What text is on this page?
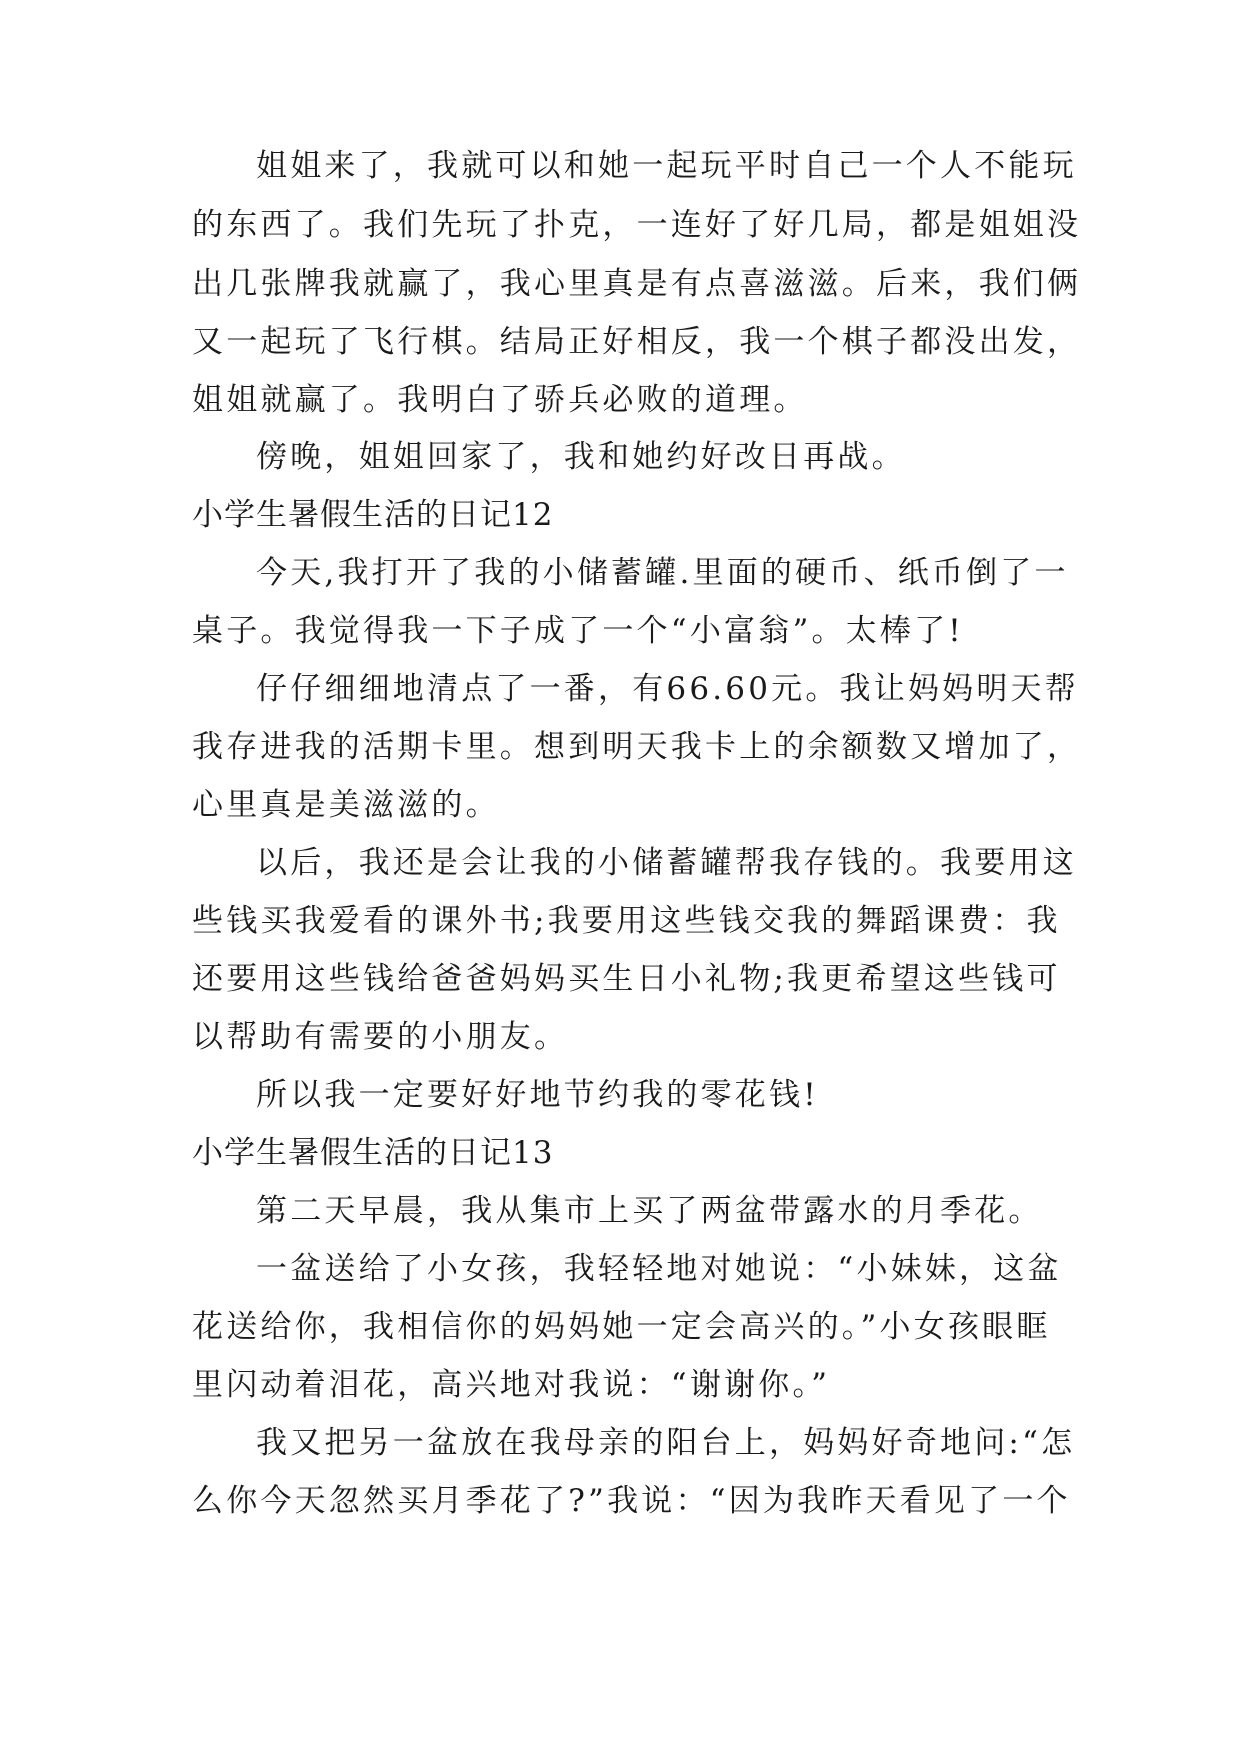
姐姐来了，我就可以和她一起玩平时自己一个人不能玩
的东西了。我们先玩了扑克，一连好了好几局，都是姐姐没
出几张牌我就赢了，我心里真是有点喜滋滋。后来，我们俩
又一起玩了飞行棋。结局正好相反，我一个棋子都没出发，
姐姐就赢了。我明白了骄兵必败的道理。
傍晚，姐姐回家了，我和她约好改日再战。
小学生暑假生活的日记12
今天,我打开了我的小储蓄罐.里面的硬币、纸币倒了一
桌子。我觉得我一下子成了一个“小富翁”。太棒了!
仔仔细细地清点了一番，有66.60元。我让妈妈明天帮
我存进我的活期卡里。想到明天我卡上的余额数又增加了，
心里真是美滋滋的。
以后，我还是会让我的小储蓄罐帮我存钱的。我要用这
些钱买我爱看的课外书;我要用这些钱交我的舞蹈课费：我
还要用这些钱给爸爸妈妈买生日小礼物;我更希望这些钱可
以帮助有需要的小朋友。
所以我一定要好好地节约我的零花钱!
小学生暑假生活的日记13
第二天早晨，我从集市上买了两盆带露水的月季花。
一盆送给了小女孩，我轻轻地对她说：“小妹妹，这盆
花送给你，我相信你的妈妈她一定会高兴的。”小女孩眼眶
里闪动着泪花，高兴地对我说：“谢谢你。”
我又把另一盆放在我母亲的阳台上，妈妈好奇地问:“怎
么你今天忽然买月季花了?”我说：“因为我昨天看见了一个
